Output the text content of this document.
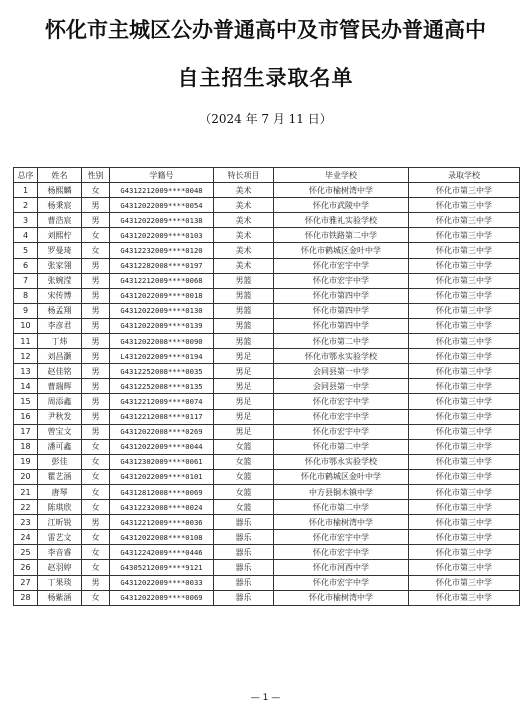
怀化市主城区公办普通高中及市管民办普通高中
自主招生录取名单
（2024 年 7 月 11 日）
总序	姓名	性别	学籍号	特长项目	毕业学校	录取学校
1	杨熙麟	女	G4312212009****0048	美术	怀化市榆树湾中学	怀化市第三中学
2	杨秉宸	男	G4312022009****0054	美术	怀化市武陵中学	怀化市第三中学
3	曹浩宸	男	G4312022009****0138	美术	怀化市雅礼实验学校	怀化市第三中学
4	刘熙柠	女	G4312022009****0103	美术	怀化市铁路第二中学	怀化市第三中学
5	罗曼琦	女	G4312232009****0120	美术	怀化市鹤城区金叶中学	怀化市第三中学
6	张家翎	男	G4312282008****0197	美术	怀化市宏宇中学	怀化市第三中学
7	张婉滢	男	G4312212009****0068	男篮	怀化市宏宇中学	怀化市第三中学
8	宋传博	男	G4312022009****0018	男篮	怀化市第四中学	怀化市第三中学
9	杨孟翔	男	G4312022009****0130	男篮	怀化市第四中学	怀化市第三中学
10	李彦君	男	G4312022009****0139	男篮	怀化市第四中学	怀化市第三中学
11	丁炜	男	G4312022008****0090	男篮	怀化市第二中学	怀化市第三中学
12	刘昌灏	男	L4312022009****0194	男足	怀化市鄂永实验学校	怀化市第三中学
13	赵佳铭	男	G4312252008****0035	男足	会同县第一中学	怀化市第三中学
14	曹瑞辉	男	G4312252008****0135	男足	会同县第一中学	怀化市第三中学
15	周添鑫	男	G4312212009****0074	男足	怀化市宏宇中学	怀化市第三中学
16	尹秋发	男	G4312212008****0117	男足	怀化市宏宇中学	怀化市第三中学
17	曾宝文	男	G4312022008****0269	男足	怀化市宏宇中学	怀化市第三中学
18	潘可鑫	女	G4312022009****0044	女篮	怀化市第二中学	怀化市第三中学
19	彭佳	女	G4312302009****0061	女篮	怀化市鄂永实验学校	怀化市第三中学
20	瞿艺涵	女	G4312022009****0101	女篮	怀化市鹤城区金叶中学	怀化市第三中学
21	唐琴	女	G4312812008****0069	女篮	中方县铜木镇中学	怀化市第三中学
22	陈琪欣	女	G4312232008****0024	女篮	怀化市第二中学	怀化市第三中学
23	江昕锐	男	G4312212009****0036	器乐	怀化市榆树湾中学	怀化市第三中学
24	雷艺文	女	G4312022008****0108	器乐	怀化市宏宇中学	怀化市第三中学
25	李音睿	女	G4312242009****0446	器乐	怀化市宏宇中学	怀化市第三中学
26	赵羽婷	女	G4305212009****9121	器乐	怀化市河西中学	怀化市第三中学
27	丁果琰	男	G4312022009****0033	器乐	怀化市宏宇中学	怀化市第三中学
28	杨紫涵	女	G4312022009****0069	器乐	怀化市榆树湾中学	怀化市第三中学
— 1 —
